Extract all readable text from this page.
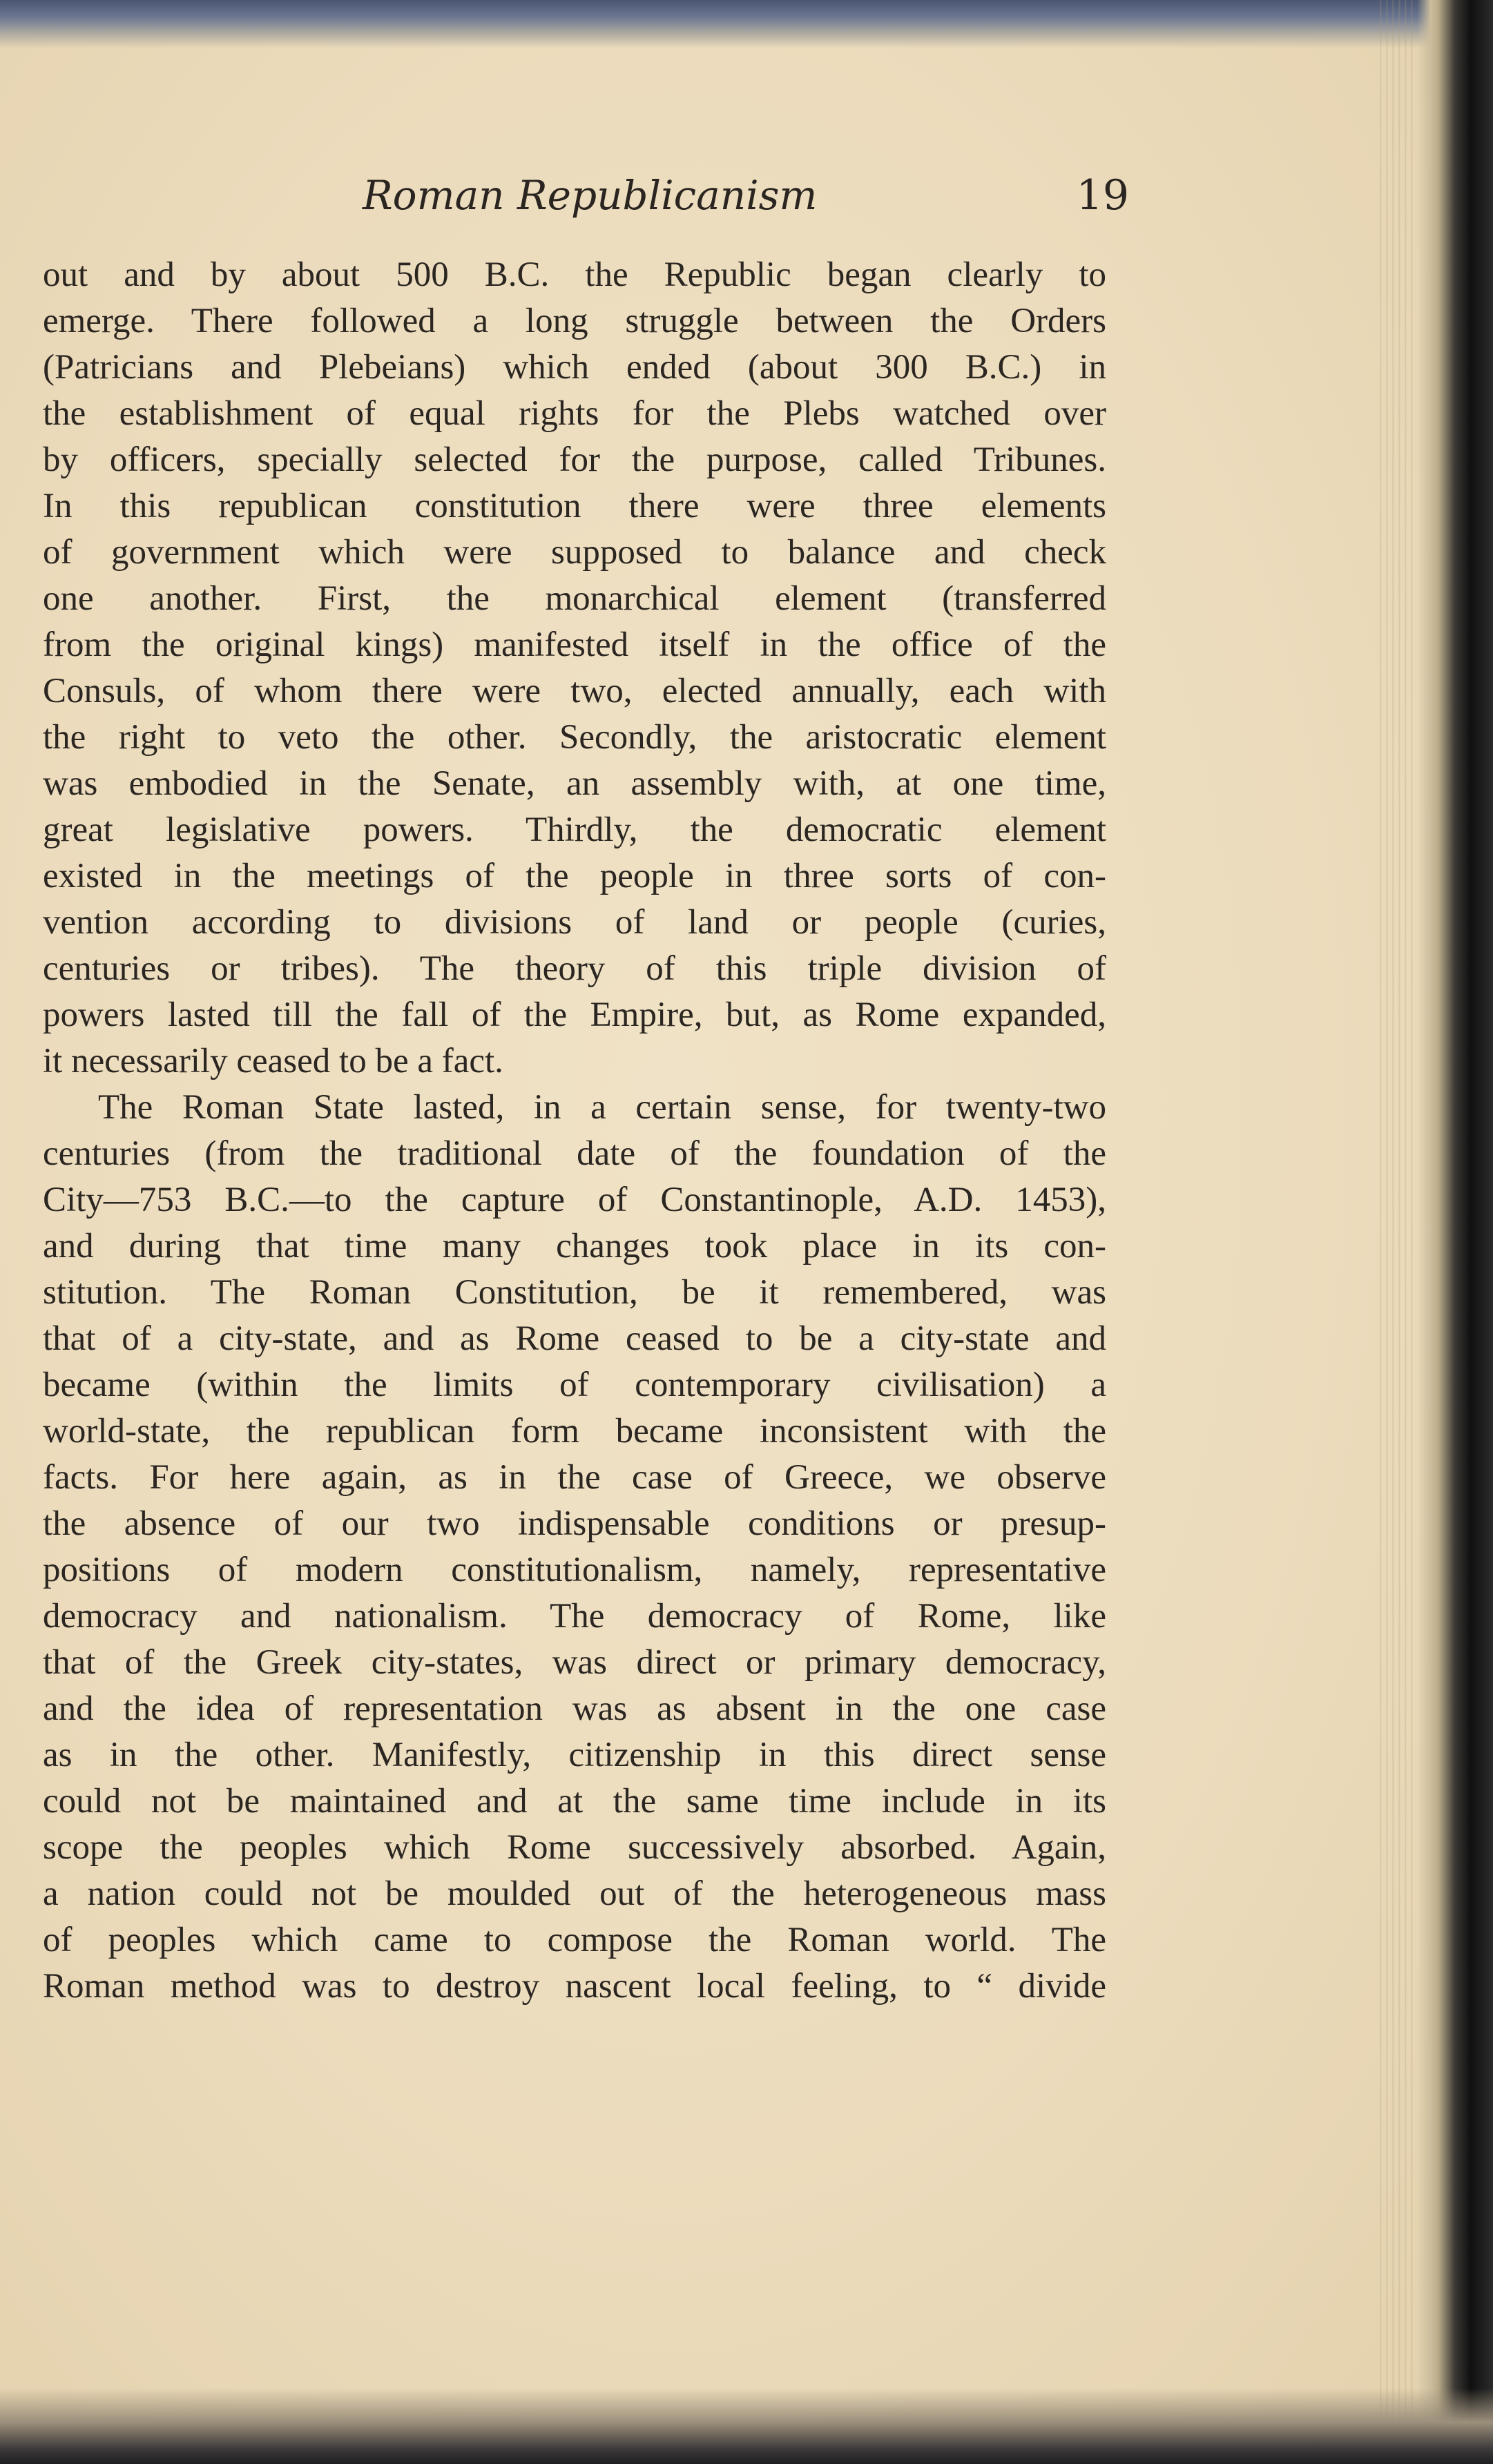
Roman Republicanism	19
out and by about 500 B.C. the Republic began clearly to
emerge. There followed a long struggle between the Orders
(Patricians and Plebeians) which ended (about 300 B.C.) in
the establishment of equal rights for the Plebs watched over
by officers, specially selected for the purpose, called Tribunes.
In this republican constitution there were three elements
of government which were supposed to balance and check
one another. First, the monarchical element (transferred
from the original kings) manifested itself in the office of the
Consuls, of whom there were two, elected annually, each with
the right to veto the other. Secondly, the aristocratic element
was embodied in the Senate, an assembly with, at one time,
great legislative powers. Thirdly, the democratic element
existed in the meetings of the people in three sorts of con-
vention according to divisions of land or people (curies,
centuries or tribes). The theory of this triple division of
powers lasted till the fall of the Empire, but, as Rome expanded,
it necessarily ceased to be a fact.
The Roman State lasted, in a certain sense, for twenty-two
centuries (from the traditional date of the foundation of the
City—753 B.C.—to the capture of Constantinople, A.D. 1453),
and during that time many changes took place in its con-
stitution. The Roman Constitution, be it remembered, was
that of a city-state, and as Rome ceased to be a city-state and
became (within the limits of contemporary civilisation) a
world-state, the republican form became inconsistent with the
facts. For here again, as in the case of Greece, we observe
the absence of our two indispensable conditions or presup-
positions of modern constitutionalism, namely, representative
democracy and nationalism. The democracy of Rome, like
that of the Greek city-states, was direct or primary democracy,
and the idea of representation was as absent in the one case
as in the other. Manifestly, citizenship in this direct sense
could not be maintained and at the same time include in its
scope the peoples which Rome successively absorbed. Again,
a nation could not be moulded out of the heterogeneous mass
of peoples which came to compose the Roman world. The
Roman method was to destroy nascent local feeling, to “ divide
